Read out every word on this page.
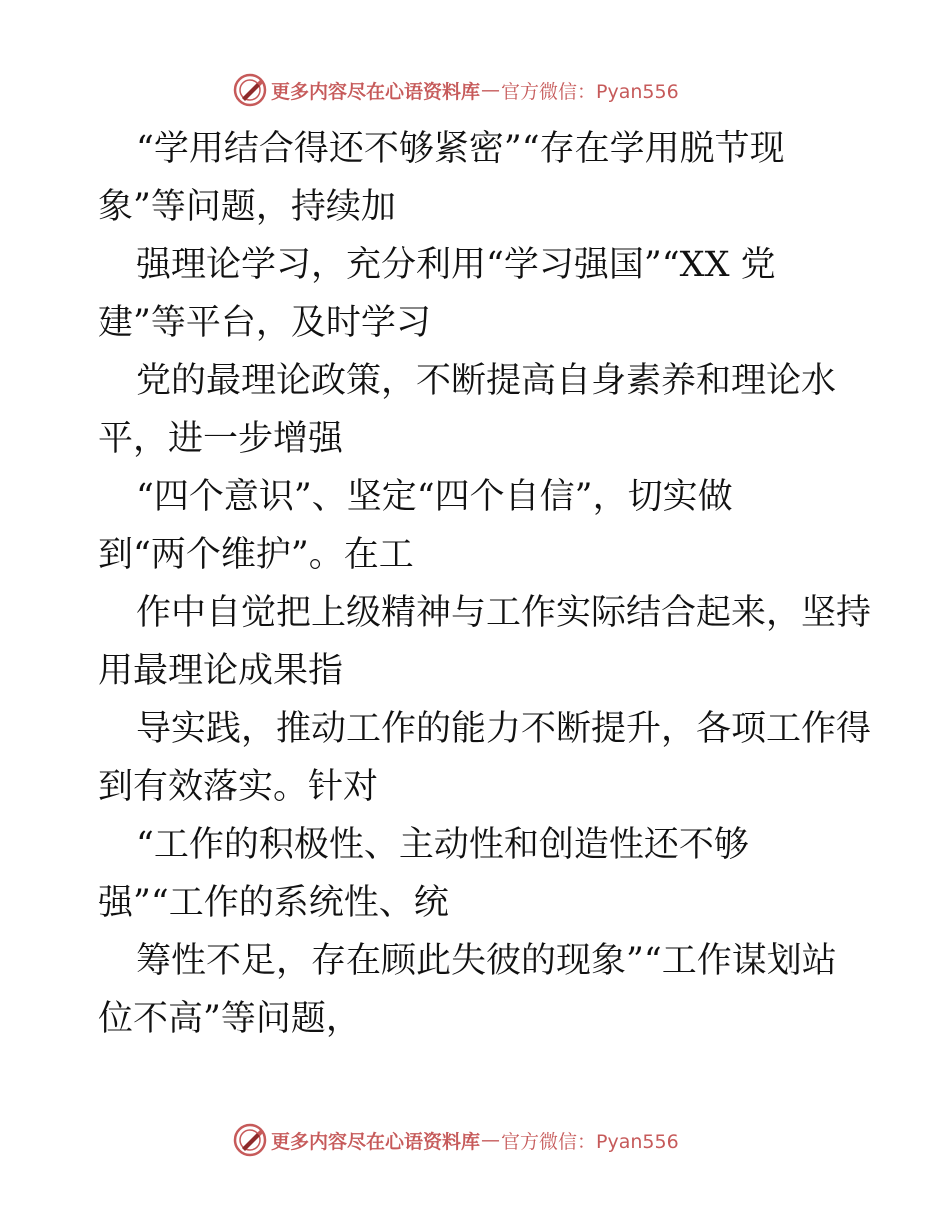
更多内容尽在心语资料库 — 官方微信：Pyan556
“学用结合得还不够紧密”“存在学用脱节现
象”等问题，持续加
强理论学习，充分利用“学习强国”“XX 党
建”等平台，及时学习
党的最理论政策，不断提高自身素养和理论水
平，进一步增强
“四个意识”、坚定“四个自信”，切实做
到“两个维护”。在工
作中自觉把上级精神与工作实际结合起来，坚持
用最理论成果指
导实践，推动工作的能力不断提升，各项工作得
到有效落实。针对
“工作的积极性、主动性和创造性还不够
强”“工作的系统性、统
筹性不足，存在顾此失彼的现象”“工作谋划站
位不高”等问题，
更多内容尽在心语资料库 — 官方微信：Pyan556
